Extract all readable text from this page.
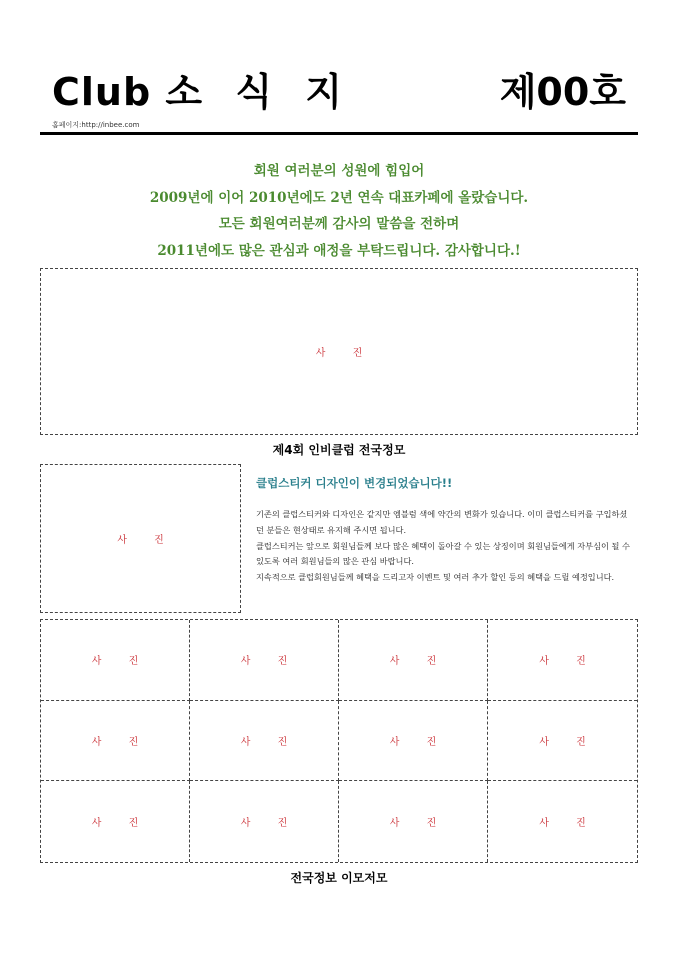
Club 소 식 지	제00호
홈페이지:http://inbee.com
회원 여러분의 성원에 힘입어
2009년에 이어 2010년에도 2년 연속 대표카페에 올랐습니다.
모든 회원여러분께 감사의 말씀을 전하며
2011년에도 많은 관심과 애정을 부탁드립니다. 감사합니다.!
사 진
제4회 인비클럽 전국정모
사 진
클럽스티커 디자인이 변경되었습니다!!

기존의 클럽스티커와 디자인은 같지만 엠블럼 색에 약간의 변화가 있습니다. 이미 클럽스티커를 구입하셨던 분들은 현상태로 유지해 주시면 됩니다.

클럽스티커는 앞으로 회원님들께 보다 많은 혜택이 돌아갈 수 있는 상징이며 회원님들에게 자부심이 될 수 있도록 여러 회원님들의 많은 관심 바랍니다.

지속적으로 클럽회원님들께 혜택을 드리고자 이벤트 및 여러 추가 할인 등의 혜택을 드릴 예정입니다.

사 진	사 진	사 진	사 진
사 진	사 진	사 진	사 진
사 진	사 진	사 진	사 진
전국정보 이모저모
